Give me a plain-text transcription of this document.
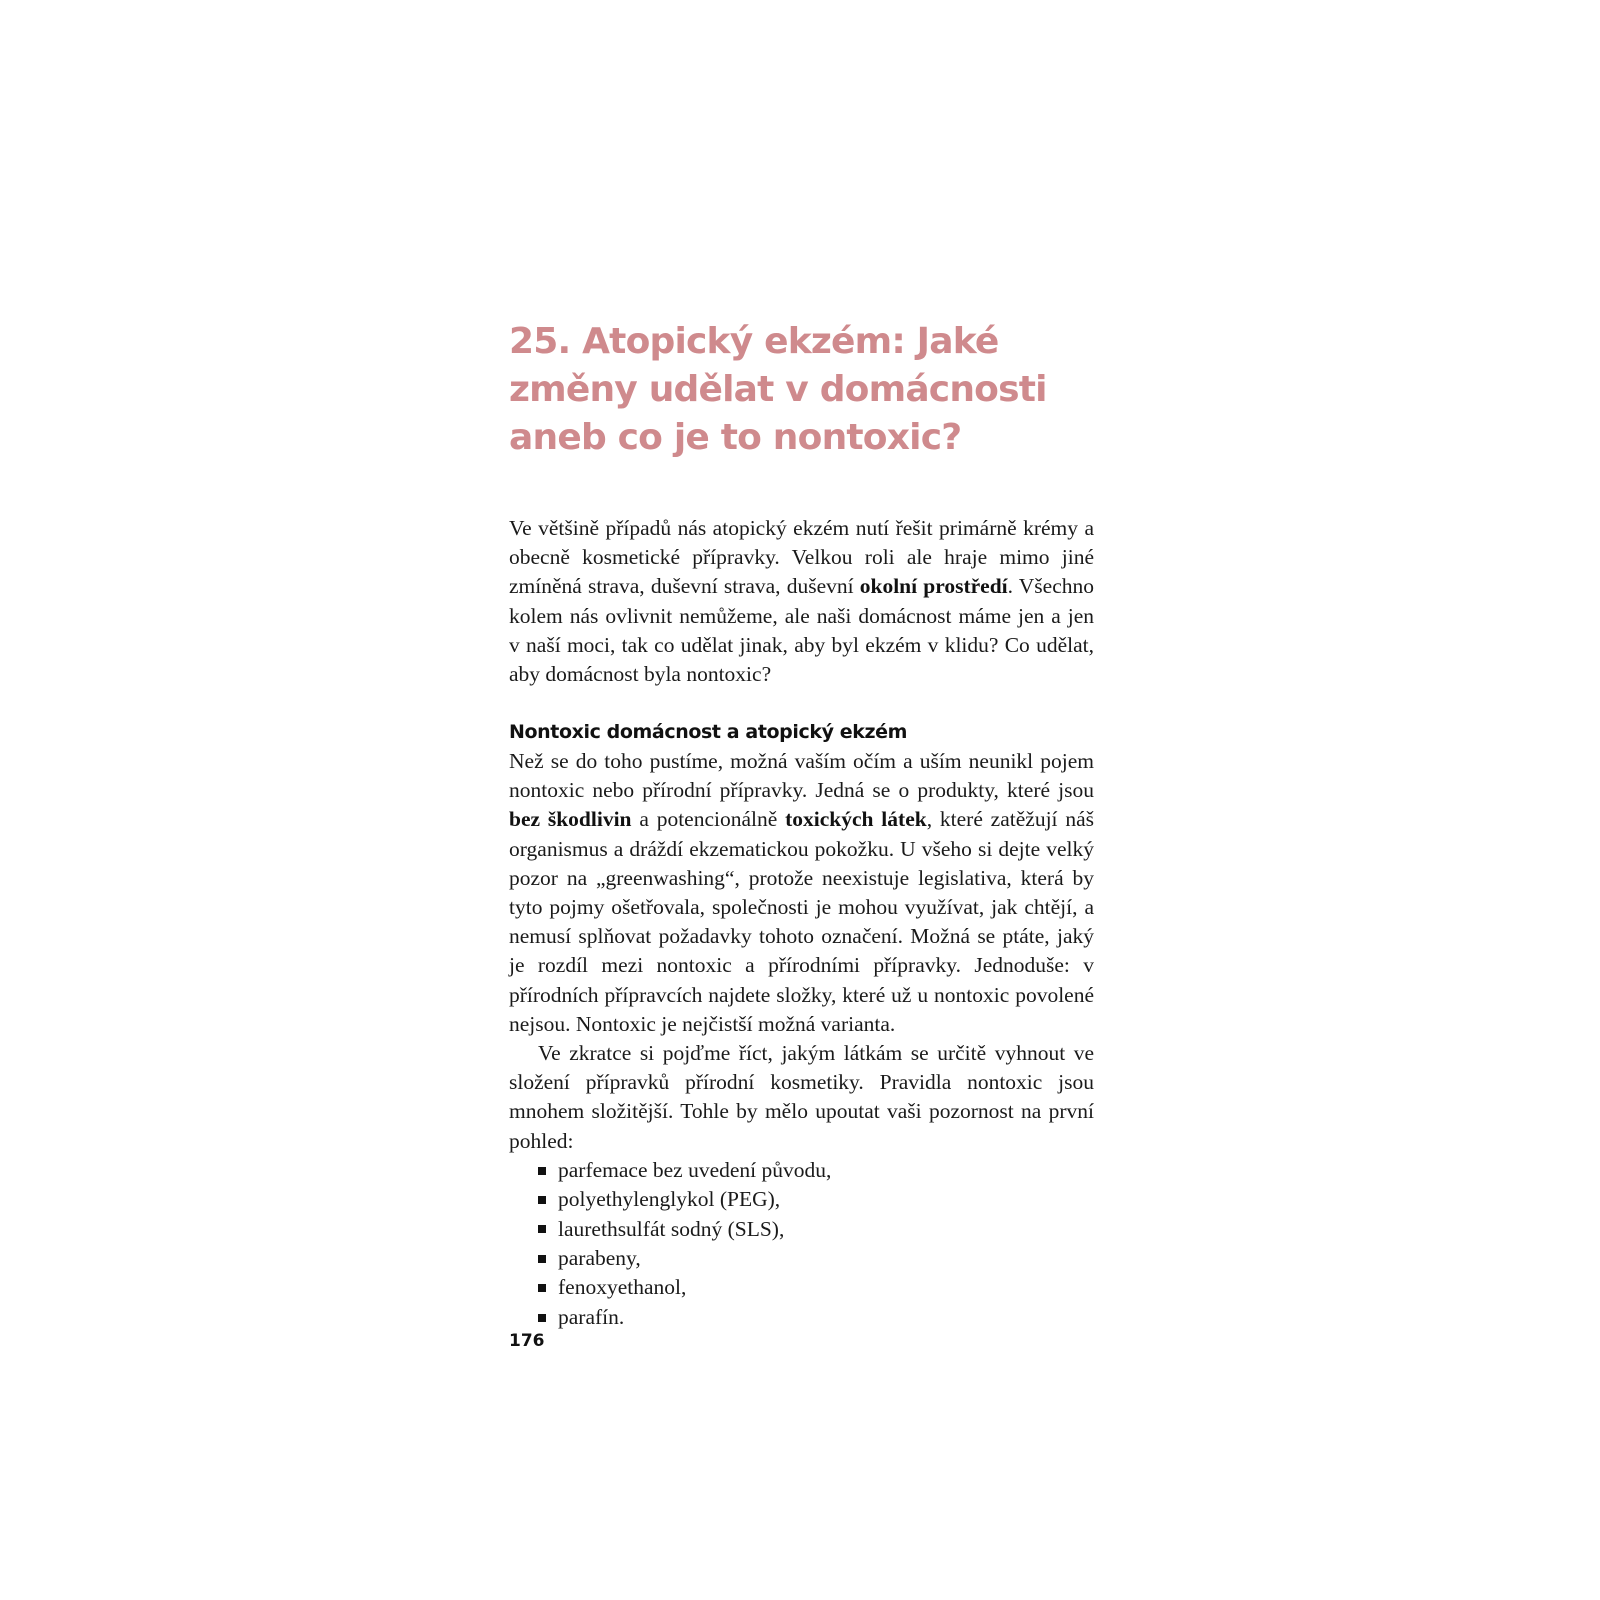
25. Atopický ekzém: Jaké změny udělat v domácnosti aneb co je to nontoxic?

Ve většině případů nás atopický ekzém nutí řešit primárně krémy a obecně kosmetické přípravky. Velkou roli ale hraje mimo jiné zmíněná strava, duševní strava, duševní okolní prostředí. Všechno kolem nás ovlivnit nemůžeme, ale naši domácnost máme jen a jen v naší moci, tak co udělat jinak, aby byl ekzém v klidu? Co udělat, aby domácnost byla nontoxic?

Nontoxic domácnost a atopický ekzém

Než se do toho pustíme, možná vaším očím a uším neunikl pojem nontoxic nebo přírodní přípravky. Jedná se o produkty, které jsou bez škodlivin a potencionálně toxických látek, které zatěžují náš organismus a dráždí ekzematickou pokožku. U všeho si dejte velký pozor na „greenwashing“, protože neexistuje legislativa, která by tyto pojmy ošetřovala, společnosti je mohou využívat, jak chtějí, a nemusí splňovat požadavky tohoto označení. Možná se ptáte, jaký je rozdíl mezi nontoxic a přírodními přípravky. Jednoduše: v přírodních přípravcích najdete složky, které už u nontoxic povolené nejsou. Nontoxic je nejčistší možná varianta.

Ve zkratce si pojďme říct, jakým látkám se určitě vyhnout ve složení přípravků přírodní kosmetiky. Pravidla nontoxic jsou mnohem složitější. Tohle by mělo upoutat vaši pozornost na první pohled:

parfemace bez uvedení původu,
polyethylenglykol (PEG),
laurethsulfát sodný (SLS),
parabeny,
fenoxyethanol,
parafín.

176
